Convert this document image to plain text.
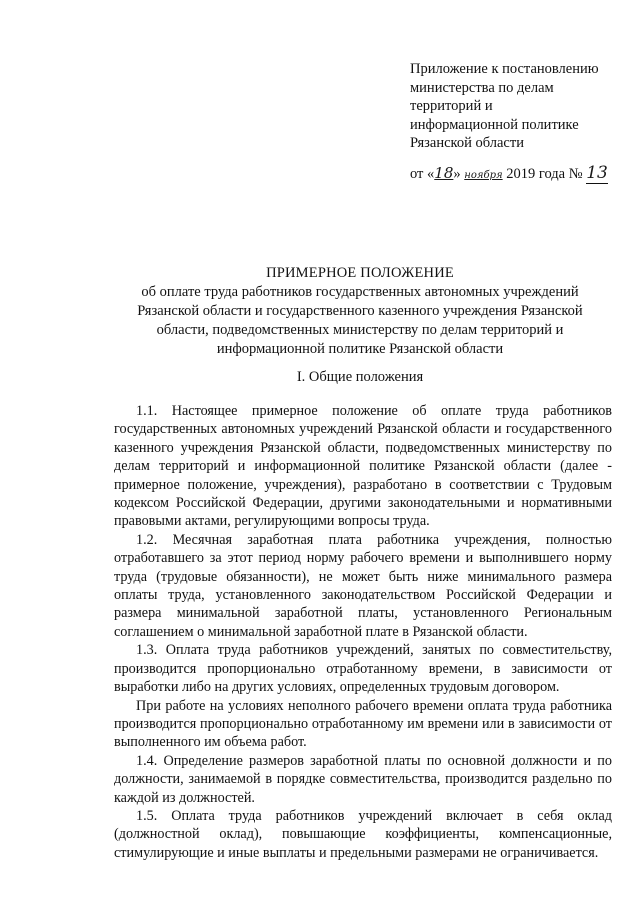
Приложение к постановлению
министерства по делам
территорий и
информационной политике
Рязанской области
от «18» ноября 2019 года № 13
ПРИМЕРНОЕ ПОЛОЖЕНИЕ
об оплате труда работников государственных автономных учреждений
Рязанской области и государственного казенного учреждения Рязанской
области, подведомственных министерству по делам территорий и
информационной политике Рязанской области
I. Общие положения

1.1. Настоящее примерное положение об оплате труда работников государственных автономных учреждений Рязанской области и государственного казенного учреждения Рязанской области, подведомственных министерству по делам территорий и информационной политике Рязанской области (далее - примерное положение, учреждения), разработано в соответствии с Трудовым кодексом Российской Федерации, другими законодательными и нормативными правовыми актами, регулирующими вопросы труда.

1.2. Месячная заработная плата работника учреждения, полностью отработавшего за этот период норму рабочего времени и выполнившего норму труда (трудовые обязанности), не может быть ниже минимального размера оплаты труда, установленного законодательством Российской Федерации и размера минимальной заработной платы, установленного Региональным соглашением о минимальной заработной плате в Рязанской области.

1.3. Оплата труда работников учреждений, занятых по совместительству, производится пропорционально отработанному времени, в зависимости от выработки либо на других условиях, определенных трудовым договором.

При работе на условиях неполного рабочего времени оплата труда работника производится пропорционально отработанному им времени или в зависимости от выполненного им объема работ.

1.4. Определение размеров заработной платы по основной должности и по должности, занимаемой в порядке совместительства, производится раздельно по каждой из должностей.

1.5. Оплата труда работников учреждений включает в себя оклад (должностной оклад), повышающие коэффициенты, компенсационные, стимулирующие и иные выплаты и предельными размерами не ограничивается.
